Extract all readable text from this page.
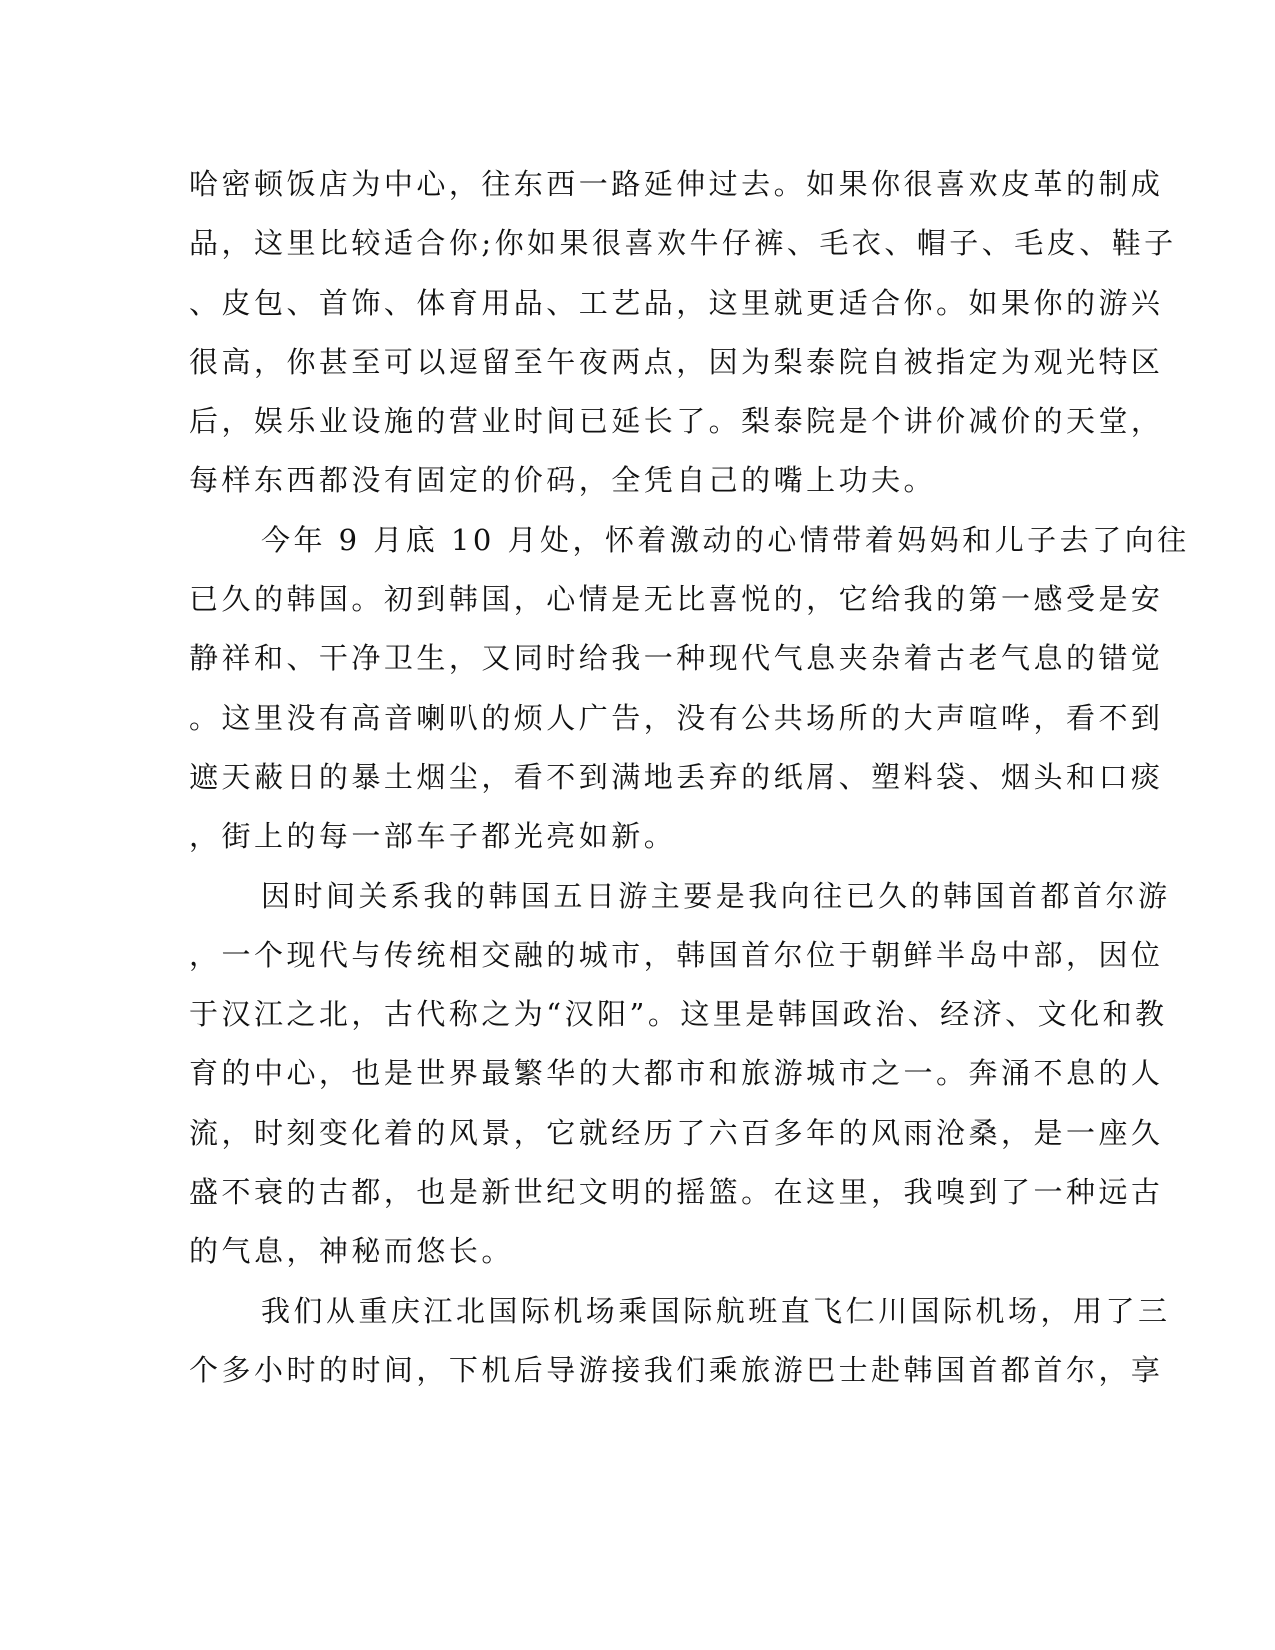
哈密顿饭店为中心，往东西一路延伸过去。如果你很喜欢皮革的制成
品，这里比较适合你;你如果很喜欢牛仔裤、毛衣、帽子、毛皮、鞋子
、皮包、首饰、体育用品、工艺品，这里就更适合你。如果你的游兴
很高，你甚至可以逗留至午夜两点，因为梨泰院自被指定为观光特区
后，娱乐业设施的营业时间已延长了。梨泰院是个讲价减价的天堂，
每样东西都没有固定的价码，全凭自己的嘴上功夫。
今年 9 月底 10 月处，怀着激动的心情带着妈妈和儿子去了向往
已久的韩国。初到韩国，心情是无比喜悦的，它给我的第一感受是安
静祥和、干净卫生，又同时给我一种现代气息夹杂着古老气息的错觉
。这里没有高音喇叭的烦人广告，没有公共场所的大声喧哗，看不到
遮天蔽日的暴土烟尘，看不到满地丢弃的纸屑、塑料袋、烟头和口痰
，街上的每一部车子都光亮如新。
因时间关系我的韩国五日游主要是我向往已久的韩国首都首尔游
，一个现代与传统相交融的城市，韩国首尔位于朝鲜半岛中部，因位
于汉江之北，古代称之为“汉阳”。这里是韩国政治、经济、文化和教
育的中心，也是世界最繁华的大都市和旅游城市之一。奔涌不息的人
流，时刻变化着的风景，它就经历了六百多年的风雨沧桑，是一座久
盛不衰的古都，也是新世纪文明的摇篮。在这里，我嗅到了一种远古
的气息，神秘而悠长。
我们从重庆江北国际机场乘国际航班直飞仁川国际机场，用了三
个多小时的时间，下机后导游接我们乘旅游巴士赴韩国首都首尔，享
